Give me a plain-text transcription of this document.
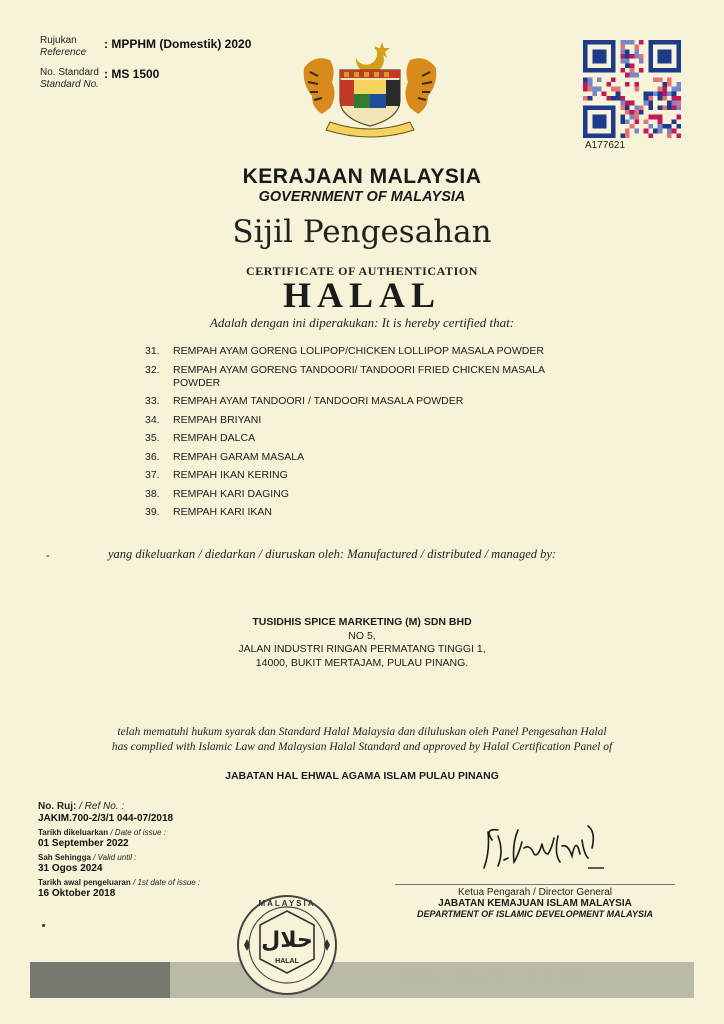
Rujukan
Reference
: MPPHM (Domestik) 2020
No. Standard
Standard No.
: MS 1500
A177621
KERAJAAN MALAYSIA
GOVERNMENT OF MALAYSIA
Sijil Pengesahan
CERTIFICATE OF AUTHENTICATION
HALAL
Adalah dengan ini diperakukan: It is hereby certified that:
31.	REMPAH AYAM GORENG LOLIPOP/CHICKEN LOLLIPOP MASALA POWDER
32.	REMPAH AYAM GORENG TANDOORI/ TANDOORI FRIED CHICKEN MASALA POWDER
33.	REMPAH AYAM TANDOORI / TANDOORI MASALA POWDER
34.	REMPAH BRIYANI
35.	REMPAH DALCA
36.	REMPAH GARAM MASALA
37.	REMPAH IKAN KERING
38.	REMPAH KARI DAGING
39.	REMPAH KARI IKAN
-	yang dikeluarkan / diedarkan / diuruskan oleh: Manufactured / distributed / managed by:
TUSIDHIS SPICE MARKETING (M) SDN BHD
NO 5,
JALAN INDUSTRI RINGAN PERMATANG TINGGI 1,
14000, BUKIT MERTAJAM, PULAU PINANG.
telah mematuhi hukum syarak dan Standard Halal Malaysia dan diluluskan oleh Panel Pengesahan Halal
has complied with Islamic Law and Malaysian Halal Standard and approved by Halal Certification Panel of
JABATAN HAL EHWAL AGAMA ISLAM PULAU PINANG
No. Ruj: / Ref No. :
JAKIM.700-2/3/1 044-07/2018
Tarikh dikeluarkan / Date of issue :
01 September 2022
Sah Sehingga / Valid until :
31 Ogos 2024
Tarikh awal pengeluaran / 1st date of issue :
16 Oktober 2018	Ketua Pengarah / Director General
JABATAN KEMAJUAN ISLAM MALAYSIA
DEPARTMENT OF ISLAMIC DEVELOPMENT MALAYSIA
BOLINAN JAKIM
MALAYSIA
حلال
HALAL
